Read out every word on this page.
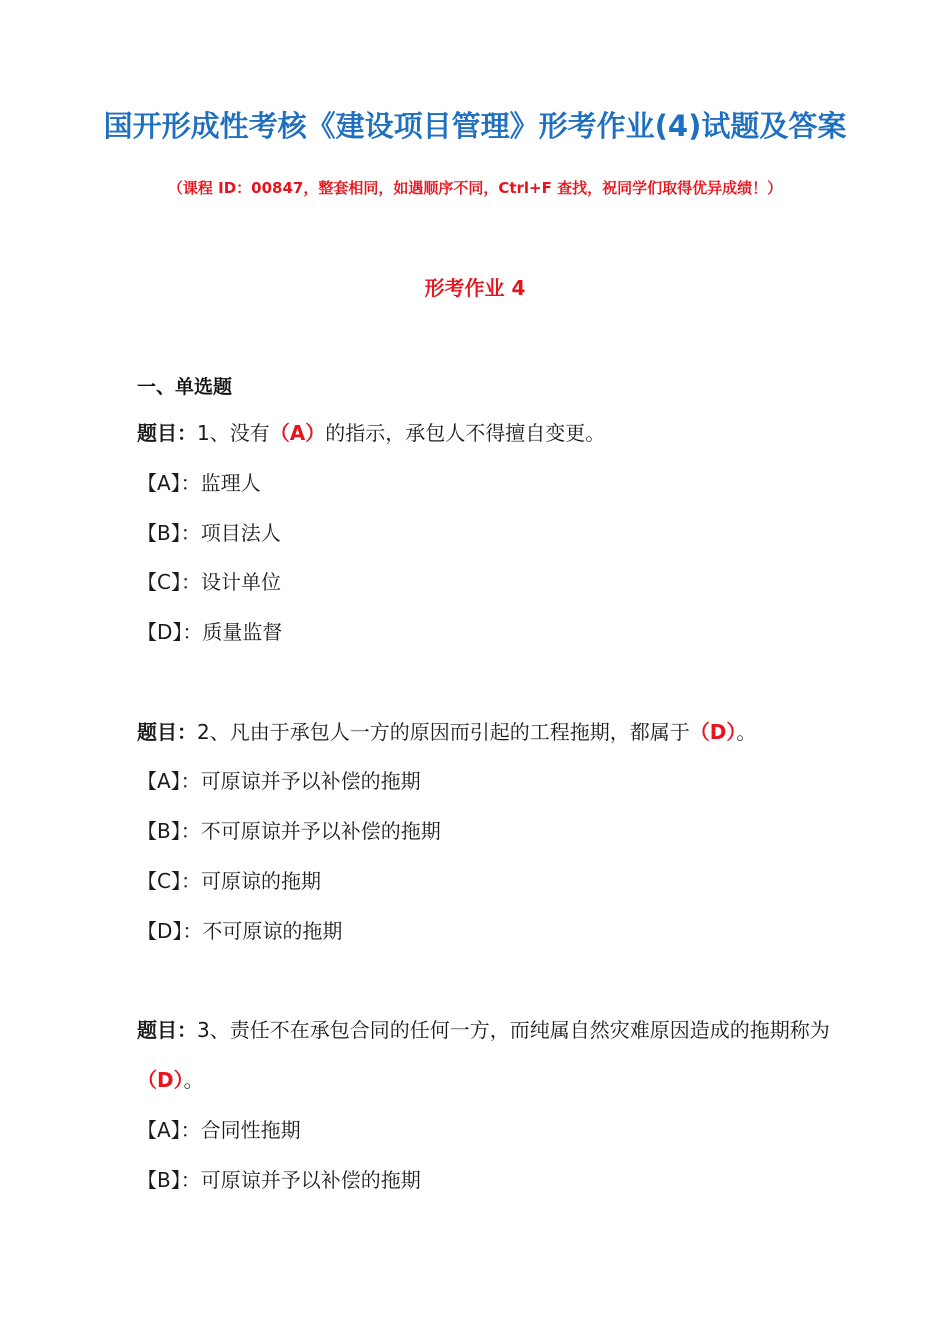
国开形成性考核《建设项目管理》形考作业(4)试题及答案
（课程 ID：00847，整套相同，如遇顺序不同，Ctrl+F 查找，祝同学们取得优异成绩！）
形考作业 4
一、单选题
题目：1、没有（A）的指示，承包人不得擅自变更。
【A】：监理人
【B】：项目法人
【C】：设计单位
【D】：质量监督
题目：2、凡由于承包人一方的原因而引起的工程拖期，都属于（D）。
【A】：可原谅并予以补偿的拖期
【B】：不可原谅并予以补偿的拖期
【C】：可原谅的拖期
【D】：不可原谅的拖期
题目：3、责任不在承包合同的任何一方，而纯属自然灾难原因造成的拖期称为（D）。
【A】：合同性拖期
【B】：可原谅并予以补偿的拖期
